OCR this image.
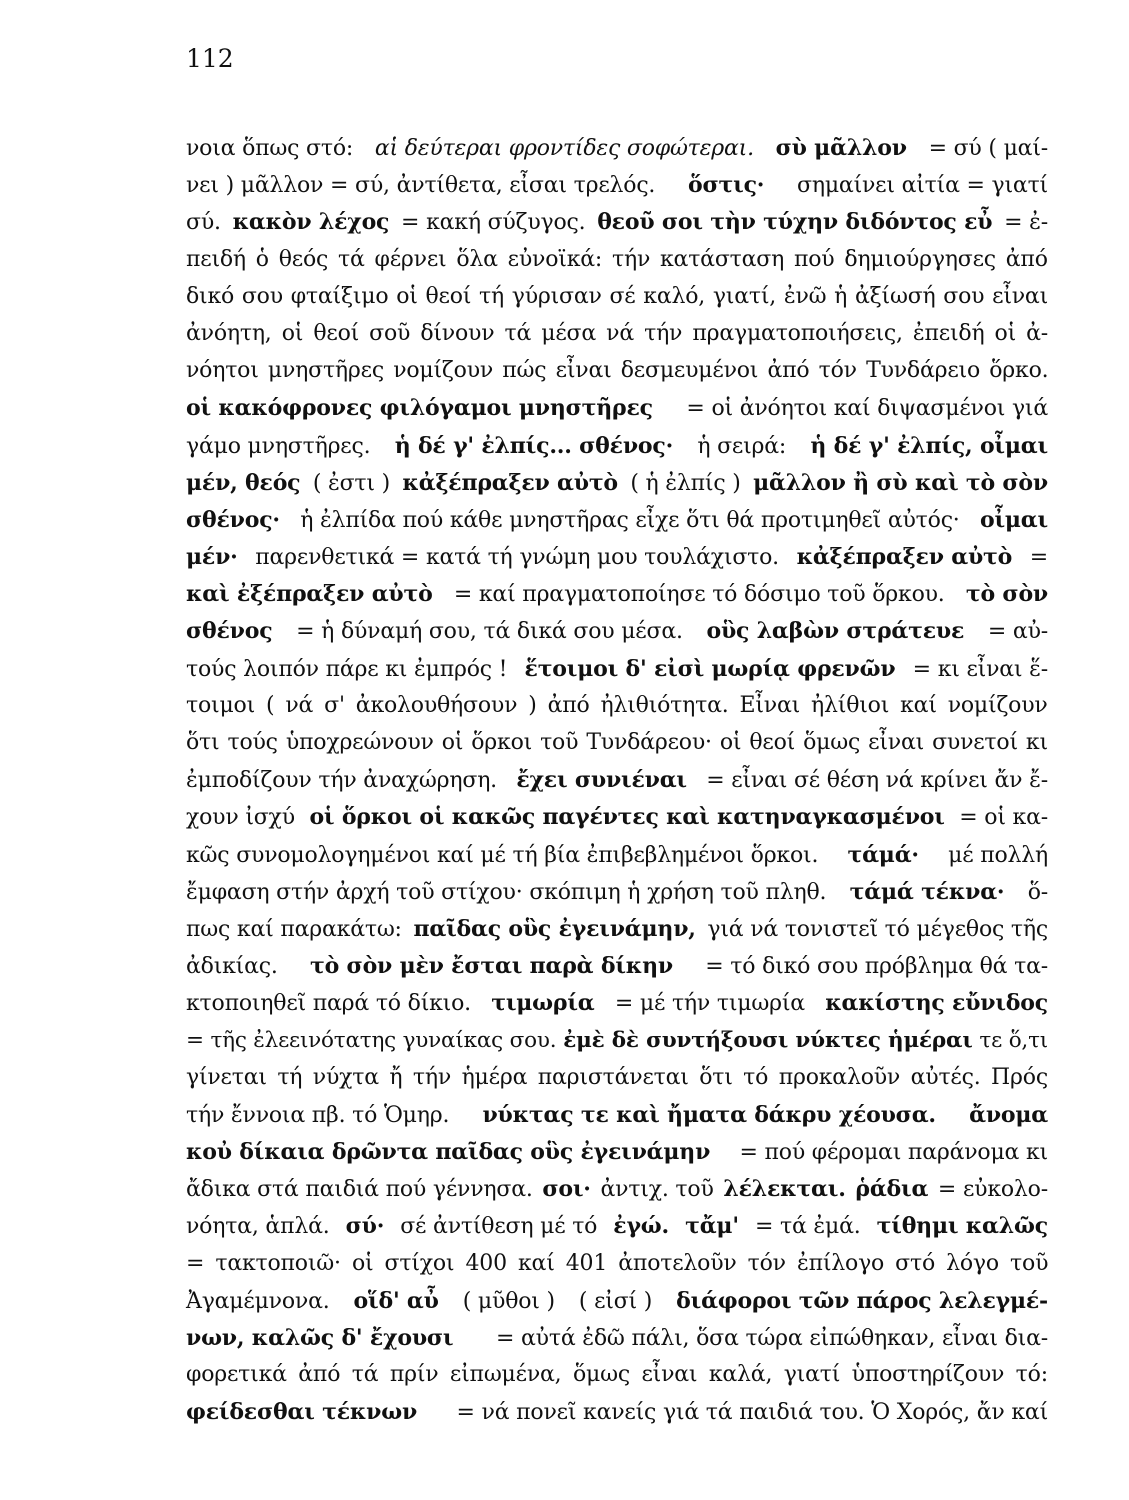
112
νοια ὅπως στό: αἱ δεύτεραι φροντίδες σοφώτεραι. σὺ μᾶλλον = σύ ( μαί-
νει ) μᾶλλον = σύ, ἀντίθετα, εἶσαι τρελός. ὅστις· σημαίνει αἰτία = γιατί
σύ. κακὸν λέχος = κακή σύζυγος. θεοῦ σοι τὴν τύχην διδόντος εὖ = ἐ-
πειδή ὁ θεός τά φέρνει ὅλα εὐνοϊκά: τήν κατάσταση πού δημιούργησες ἀπό
δικό σου φταίξιμο οἱ θεοί τή γύρισαν σέ καλό, γιατί, ἐνῶ ἡ ἀξίωσή σου εἶναι
ἀνόητη, οἱ θεοί σοῦ δίνουν τά μέσα νά τήν πραγματοποιήσεις, ἐπειδή οἱ ἀ-
νόητοι μνηστῆρες νομίζουν πώς εἶναι δεσμευμένοι ἀπό τόν Τυνδάρειο ὅρκο.
οἱ κακόφρονες φιλόγαμοι μνηστῆρες = οἱ ἀνόητοι καί διψασμένοι γιά
γάμο μνηστῆρες. ἡ δέ γ' ἐλπίς... σθένος· ἡ σειρά: ἡ δέ γ' ἐλπίς, οἶμαι
μέν, θεός ( ἐστι ) κἀξέπραξεν αὐτὸ ( ἡ ἐλπίς ) μᾶλλον ἢ σὺ καὶ τὸ σὸν
σθένος· ἡ ἐλπίδα πού κάθε μνηστῆρας εἶχε ὅτι θά προτιμηθεῖ αὐτός· οἶμαι
μέν· παρενθετικά = κατά τή γνώμη μου τουλάχιστο. κἀξέπραξεν αὐτὸ =
καὶ ἐξέπραξεν αὐτὸ = καί πραγματοποίησε τό δόσιμο τοῦ ὅρκου. τὸ σὸν
σθένος = ἡ δύναμή σου, τά δικά σου μέσα. οὓς λαβὼν στράτευε = αὐ-
τούς λοιπόν πάρε κι ἐμπρός ! ἕτοιμοι δ' εἰσὶ μωρίᾳ φρενῶν = κι εἶναι ἕ-
τοιμοι ( νά σ' ἀκολουθήσουν ) ἀπό ἠλιθιότητα. Εἶναι ἠλίθιοι καί νομίζουν
ὅτι τούς ὑποχρεώνουν οἱ ὅρκοι τοῦ Τυνδάρεου· οἱ θεοί ὅμως εἶναι συνετοί κι
ἐμποδίζουν τήν ἀναχώρηση. ἔχει συνιέναι = εἶναι σέ θέση νά κρίνει ἄν ἔ-
χουν ἰσχύ οἱ ὅρκοι οἱ κακῶς παγέντες καὶ κατηναγκασμένοι = οἱ κα-
κῶς συνομολογημένοι καί μέ τή βία ἐπιβεβλημένοι ὅρκοι. τάμά· μέ πολλή
ἔμφαση στήν ἀρχή τοῦ στίχου· σκόπιμη ἡ χρήση τοῦ πληθ. τάμά τέκνα· ὅ-
πως καί παρακάτω: παῖδας οὓς ἐγεινάμην, γιά νά τονιστεῖ τό μέγεθος τῆς
ἀδικίας. τὸ σὸν μὲν ἔσται παρὰ δίκην = τό δικό σου πρόβλημα θά τα-
κτοποιηθεῖ παρά τό δίκιο. τιμωρία = μέ τήν τιμωρία κακίστης εὔνιδος
= τῆς ἐλεεινότατης γυναίκας σου. ἐμὲ δὲ συντήξουσι νύκτες ἡμέραι τε ὅ,τι
γίνεται τή νύχτα ἤ τήν ἡμέρα παριστάνεται ὅτι τό προκαλοῦν αὐτές. Πρός
τήν ἔννοια πβ. τό Ὁμηρ. νύκτας τε καὶ ἤματα δάκρυ χέουσα. ἄνομα
κοὐ δίκαια δρῶντα παῖδας οὓς ἐγεινάμην = πού φέρομαι παράνομα κι
ἄδικα στά παιδιά πού γέννησα. σοι· ἀντιχ. τοῦ λέλεκται. ῥάδια = εὐκολο-
νόητα, ἁπλά. σύ· σέ ἀντίθεση μέ τό ἐγώ. τἄμ' = τά ἐμά. τίθημι καλῶς
= τακτοποιῶ· οἱ στίχοι 400 καί 401 ἀποτελοῦν τόν ἐπίλογο στό λόγο τοῦ
Ἀγαμέμνονα. οἵδ' αὖ ( μῦθοι ) ( εἰσί ) διάφοροι τῶν πάρος λελεγμέ-
νων, καλῶς δ' ἔχουσι = αὐτά ἐδῶ πάλι, ὅσα τώρα εἰπώθηκαν, εἶναι δια-
φορετικά ἀπό τά πρίν εἰπωμένα, ὅμως εἶναι καλά, γιατί ὑποστηρίζουν τό:
φείδεσθαι τέκνων = νά πονεῖ κανείς γιά τά παιδιά του. Ὁ Χορός, ἄν καί
